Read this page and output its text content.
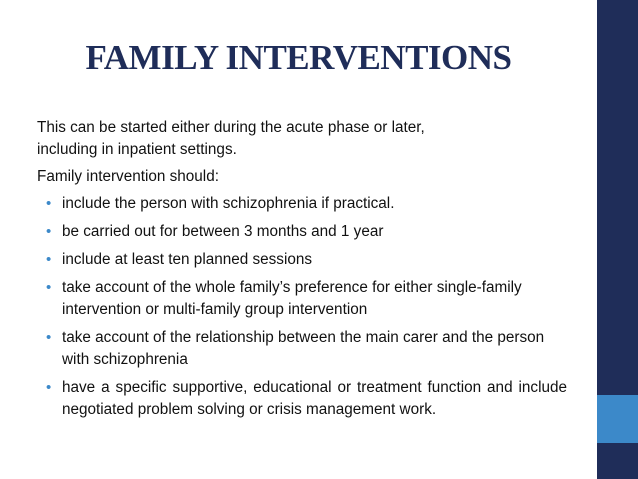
FAMILY INTERVENTIONS

This can be started either during the acute phase or later,
including in inpatient settings.

Family intervention should:

• include the person with schizophrenia if practical.
• be carried out for between 3 months and 1 year
• include at least ten planned sessions
• take account of the whole family’s preference for either single-family intervention or multi-family group intervention
• take account of the relationship between the main carer and the person with schizophrenia
• have a specific supportive, educational or treatment function and include negotiated problem solving or crisis management work.
